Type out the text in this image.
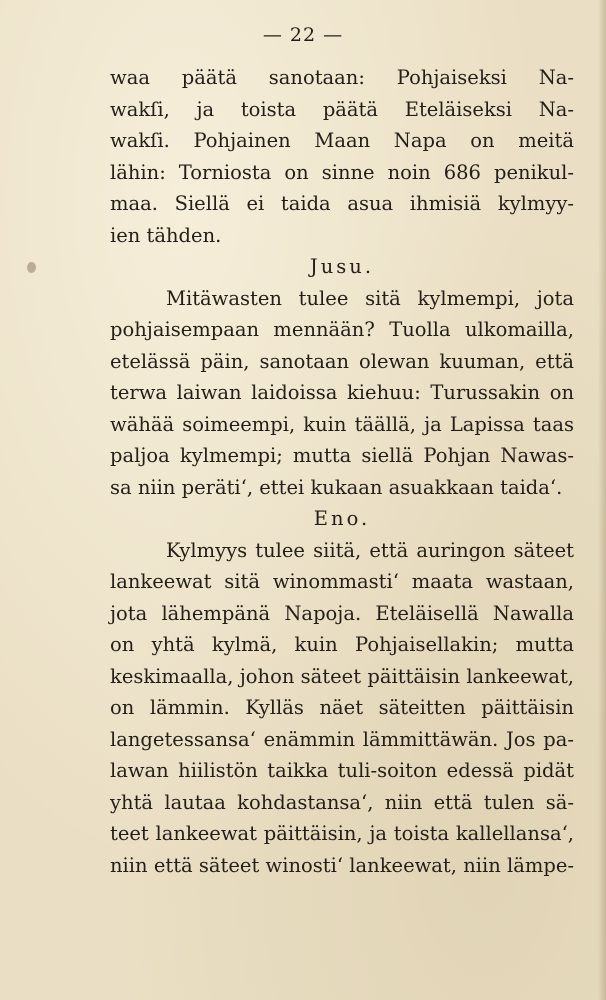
— 22 —
waa päätä sanotaan: Pohjaiseksi Na-
wakſi, ja toista päätä Eteläiseksi Na-
wakſi. Pohjainen Maan Napa on meitä
lähin: Torniosta on sinne noin 686 penikul-
maa. Siellä ei taida asua ihmisiä kylmyy-
ien tähden.
Jusu.
Mitäwasten tulee sitä kylmempi, jota
pohjaisempaan mennään? Tuolla ulkomailla,
etelässä päin, sanotaan olewan kuuman, että
terwa laiwan laidoissa kiehuu: Turussakin on
wähää soimeempi, kuin täällä, ja Lapissa taas
paljoa kylmempi; mutta siellä Pohjan Nawas-
sa niin peräti‘, ettei kukaan asuakkaan taida‘.
Eno.
Kylmyys tulee siitä, että auringon säteet
lankeewat sitä winommasti‘ maata wastaan,
jota lähempänä Napoja. Eteläisellä Nawalla
on yhtä kylmä, kuin Pohjaisellakin; mutta
keskimaalla, johon säteet päittäisin lankeewat,
on lämmin. Kylläs näet säteitten päittäisin
langetessansa‘ enämmin lämmittäwän. Jos pa-
lawan hiilistön taikka tuli-soiton edessä pidät
yhtä lautaa kohdastansa‘, niin että tulen sä-
teet lankeewat päittäisin, ja toista kallellansa‘,
niin että säteet winosti‘ lankeewat, niin lämpe-
